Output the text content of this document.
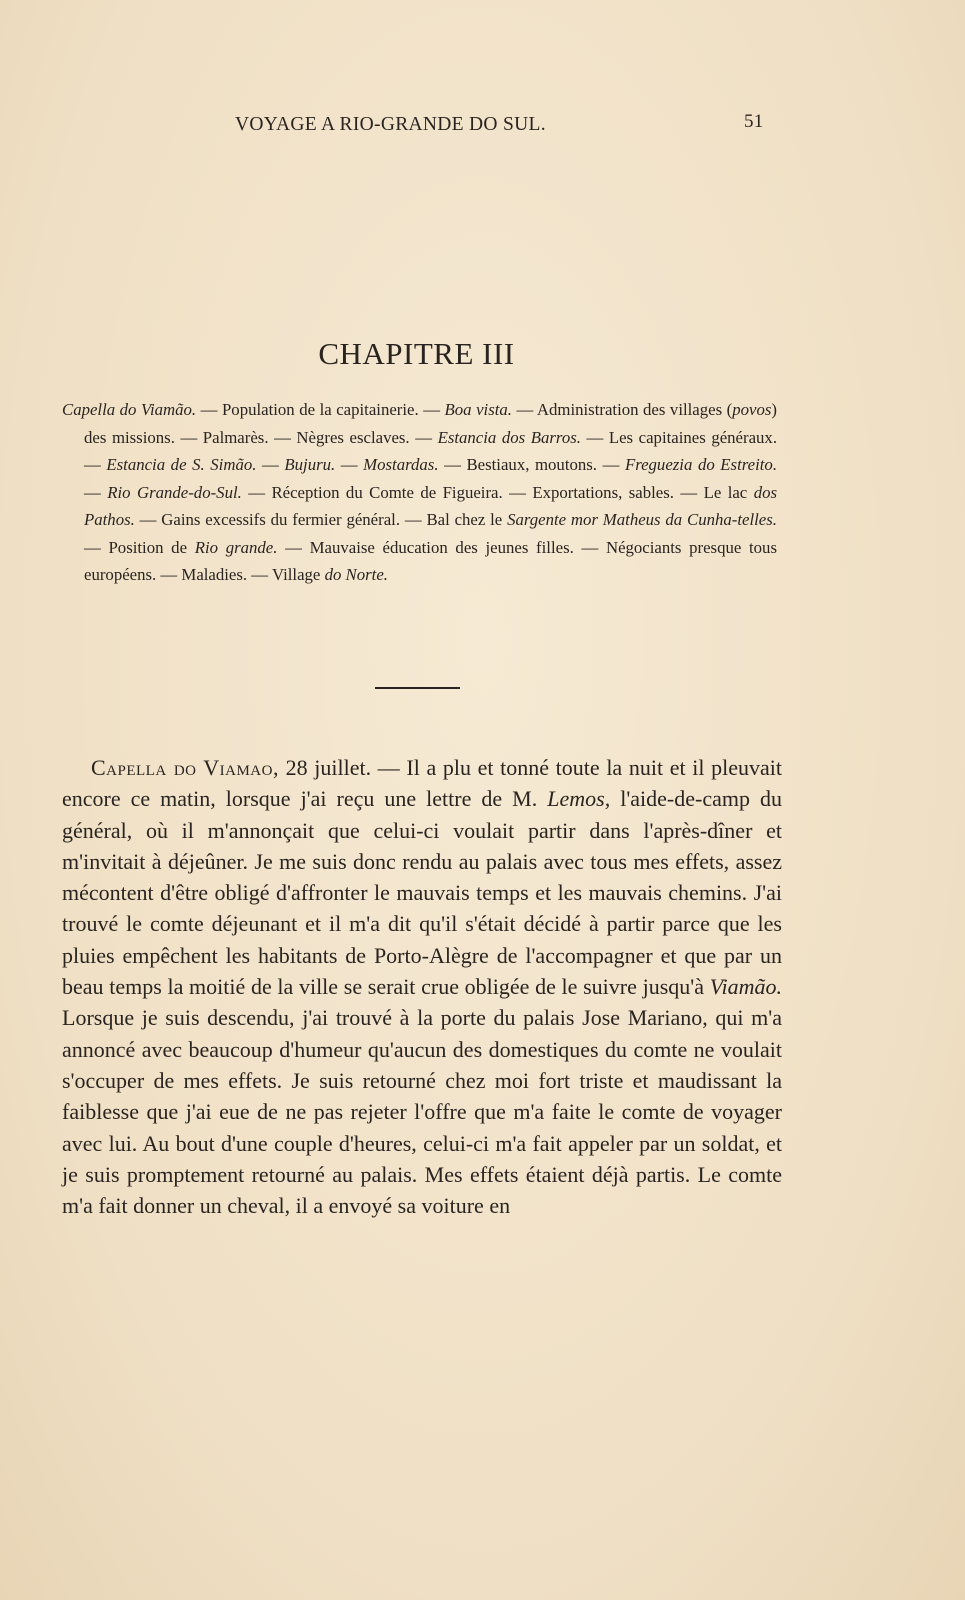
VOYAGE A RIO-GRANDE DO SUL.	51
CHAPITRE III
Capella do Viamão. — Population de la capitainerie. — Boa vista. — Administration des villages (povos) des missions. — Palmarès. — Nègres esclaves. — Estancia dos Barros. — Les capitaines généraux. — Estancia de S. Simão. — Bujuru. — Mostardas. — Bestiaux, moutons. — Freguezia do Estreito. — Rio Grande-do-Sul. — Réception du Comte de Figueira. — Exportations, sables. — Le lac dos Pathos. — Gains excessifs du fermier général. — Bal chez le Sargente mor Matheus da Cunha-telles. — Position de Rio grande. — Mauvaise éducation des jeunes filles. — Négociants presque tous européens. — Maladies. — Village do Norte.
Capella do Viamao, 28 juillet. — Il a plu et tonné toute la nuit et il pleuvait encore ce matin, lorsque j'ai reçu une lettre de M. Lemos, l'aide-de-camp du général, où il m'annonçait que celui-ci voulait partir dans l'après-dîner et m'invitait à déjeûner. Je me suis donc rendu au palais avec tous mes effets, assez mécontent d'être obligé d'affronter le mauvais temps et les mauvais chemins. J'ai trouvé le comte déjeunant et il m'a dit qu'il s'était décidé à partir parce que les pluies empêchent les habitants de Porto-Alègre de l'accompagner et que par un beau temps la moitié de la ville se serait crue obligée de le suivre jusqu'à Viamão. Lorsque je suis descendu, j'ai trouvé à la porte du palais Jose Mariano, qui m'a annoncé avec beaucoup d'humeur qu'aucun des domestiques du comte ne voulait s'occuper de mes effets. Je suis retourné chez moi fort triste et maudissant la faiblesse que j'ai eue de ne pas rejeter l'offre que m'a faite le comte de voyager avec lui. Au bout d'une couple d'heures, celui-ci m'a fait appeler par un soldat, et je suis promptement retourné au palais. Mes effets étaient déjà partis. Le comte m'a fait donner un cheval, il a envoyé sa voiture en
